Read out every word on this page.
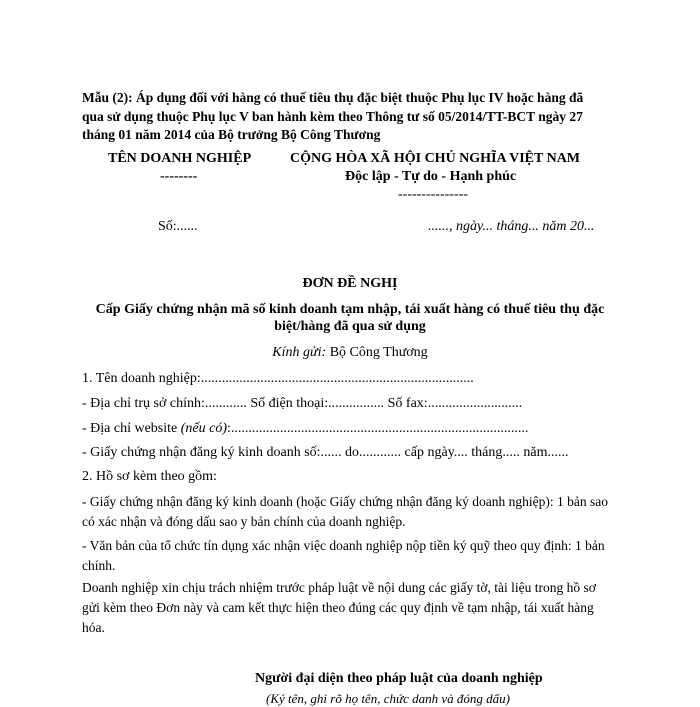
Mẫu (2): Áp dụng đối với hàng có thuế tiêu thụ đặc biệt thuộc Phụ lục IV hoặc hàng đã qua sử dụng thuộc Phụ lục V ban hành kèm theo Thông tư số 05/2014/TT-BCT ngày 27 tháng 01 năm 2014 của Bộ trưởng Bộ Công Thương
TÊN DOANH NGHIỆP
--------
CỘNG HÒA XÃ HỘI CHỦ NGHĨA VIỆT NAM
Độc lập - Tự do - Hạnh phúc
---------------
Số:......	......, ngày... tháng... năm 20...
ĐƠN ĐỀ NGHỊ
Cấp Giấy chứng nhận mã số kinh doanh tạm nhập, tái xuất hàng có thuế tiêu thụ đặc
biệt/hàng đã qua sử dụng
Kính gửi: Bộ Công Thương
1. Tên doanh nghiệp:..............................................................................
- Địa chỉ trụ sở chính:............ Số điện thoại:................ Số fax:...........................
- Địa chỉ website (nếu có):.....................................................................................
- Giấy chứng nhận đăng ký kinh doanh số:...... do............ cấp ngày.... tháng..... năm......
2. Hồ sơ kèm theo gồm:
- Giấy chứng nhận đăng ký kinh doanh (hoặc Giấy chứng nhận đăng ký doanh nghiệp): 1 bản sao có xác nhận và đóng dấu sao y bản chính của doanh nghiệp.
- Văn bản của tổ chức tín dụng xác nhận việc doanh nghiệp nộp tiền ký quỹ theo quy định: 1 bản chính.
Doanh nghiệp xin chịu trách nhiệm trước pháp luật về nội dung các giấy tờ, tài liệu trong hồ sơ gửi kèm theo Đơn này và cam kết thực hiện theo đúng các quy định về tạm nhập, tái xuất hàng hóa.
Người đại diện theo pháp luật của doanh nghiệp
(Ký tên, ghi rõ họ tên, chức danh và đóng dấu)
